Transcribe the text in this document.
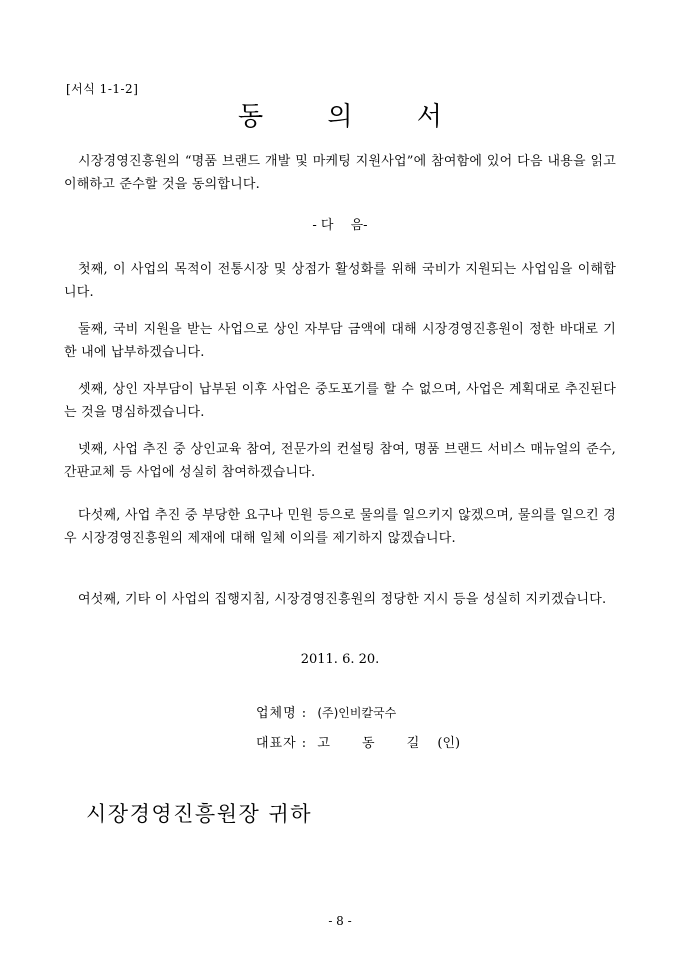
[서식 1-1-2]
동 의 서
시장경영진흥원의 “명품 브랜드 개발 및 마케팅 지원사업”에 참여함에 있어 다음 내용을 읽고 이해하고 준수할 것을 동의합니다.
- 다　 음-
첫째, 이 사업의 목적이 전통시장 및 상점가 활성화를 위해 국비가 지원되는 사업임을 이해합니다.
둘째, 국비 지원을 받는 사업으로 상인 자부담 금액에 대해 시장경영진흥원이 정한 바대로 기한 내에 납부하겠습니다.
셋째, 상인 자부담이 납부된 이후 사업은 중도포기를 할 수 없으며, 사업은 계획대로 추진된다는 것을 명심하겠습니다.
넷째, 사업 추진 중 상인교육 참여, 전문가의 컨설팅 참여, 명품 브랜드 서비스 매뉴얼의 준수, 간판교체 등 사업에 성실히 참여하겠습니다.
다섯째, 사업 추진 중 부당한 요구나 민원 등으로 물의를 일으키지 않겠으며, 물의를 일으킨 경우 시장경영진흥원의 제재에 대해 일체 이의를 제기하지 않겠습니다.
여섯째, 기타 이 사업의 집행지침, 시장경영진흥원의 정당한 지시 등을 성실히 지키겠습니다.
2011. 6. 20.
업체명 : (주)인비칼국수
대표자 : 고 동 길 (인)
시장경영진흥원장 귀하
- 8 -
